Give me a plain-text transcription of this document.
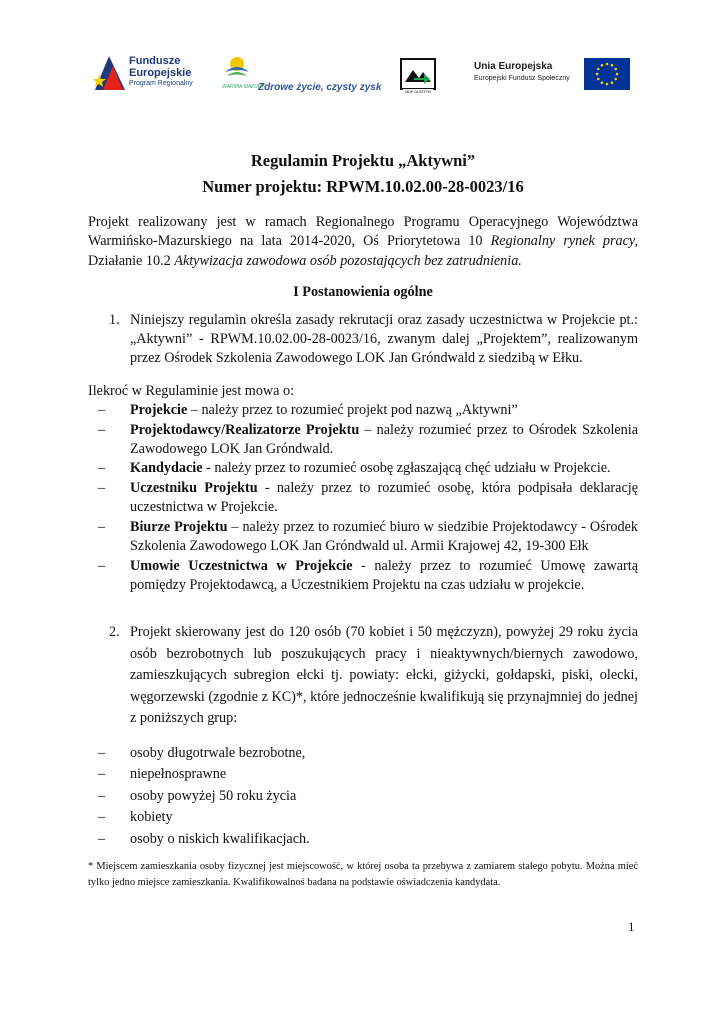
Fundusze
Europejskie
Program Regionalny	WARMIA MAZURY
Zdrowe życie, czysty zysk	MUF OLSZTYN
Unia Europejska
Europejski Fundusz Społeczny
Regulamin Projektu „Aktywni”
Numer projektu: RPWM.10.02.00-28-0023/16

Projekt realizowany jest w ramach Regionalnego Programu Operacyjnego Województwa Warmińsko-Mazurskiego na lata 2014-2020, Oś Priorytetowa 10 Regionalny rynek pracy, Działanie 10.2 Aktywizacja zawodowa osób pozostających bez zatrudnienia.

I Postanowienia ogólne
1. Niniejszy regulamin określa zasady rekrutacji oraz zasady uczestnictwa w Projekcie pt.: „Aktywni” - RPWM.10.02.00-28-0023/16, zwanym dalej „Projektem”, realizowanym przez Ośrodek Szkolenia Zawodowego LOK Jan Gróndwald z siedzibą w Ełku.
Ilekroć w Regulaminie jest mowa o:
– Projekcie – należy przez to rozumieć projekt pod nazwą „Aktywni”
– Projektodawcy/Realizatorze Projektu – należy rozumieć przez to Ośrodek Szkolenia Zawodowego LOK Jan Gróndwald.
– Kandydacie - należy przez to rozumieć osobę zgłaszającą chęć udziału w Projekcie.
– Uczestniku Projektu - należy przez to rozumieć osobę, która podpisała deklarację uczestnictwa w Projekcie.
– Biurze Projektu – należy przez to rozumieć biuro w siedzibie Projektodawcy - Ośrodek Szkolenia Zawodowego LOK Jan Gróndwald ul. Armii Krajowej 42, 19-300 Ełk
– Umowie Uczestnictwa w Projekcie - należy przez to rozumieć Umowę zawartą pomiędzy Projektodawcą, a Uczestnikiem Projektu na czas udziału w projekcie.
2. Projekt skierowany jest do 120 osób (70 kobiet i 50 mężczyzn), powyżej 29 roku życia osób bezrobotnych lub poszukujących pracy i nieaktywnych/biernych zawodowo, zamieszkujących subregion ełcki tj. powiaty: ełcki, giżycki, gołdapski, piski, olecki, węgorzewski (zgodnie z KC)*, które jednocześnie kwalifikują się przynajmniej do jednej z poniższych grup:
– osoby długotrwale bezrobotne,
– niepełnosprawne
– osoby powyżej 50 roku życia
– kobiety
– osoby o niskich kwalifikacjach.
* Miejscem zamieszkania osoby fizycznej jest miejscowość, w której osoba ta przebywa z zamiarem stałego pobytu. Można mieć tylko jedno miejsce zamieszkania. Kwalifikowalnoś badana na podstawie oświadczenia kandydata.
1
